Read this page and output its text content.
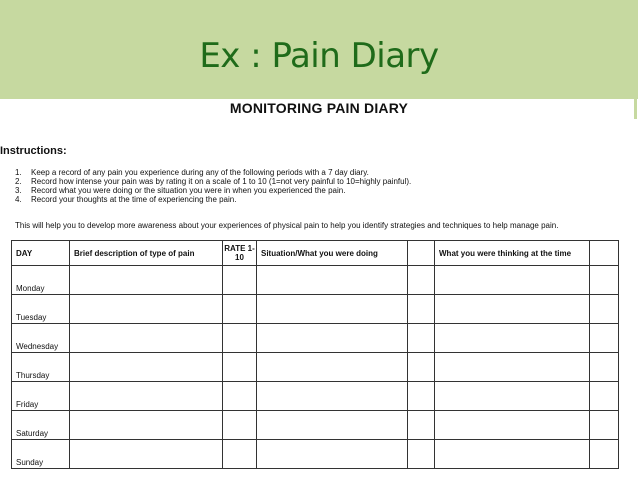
Ex : Pain Diary
MONITORING PAIN DIARY
Instructions:
1. Keep a record of any pain you experience during any of the following periods with a 7 day diary.
2. Record how intense your pain was by rating it on a scale of 1 to 10 (1=not very painful to 10=highly painful).
3. Record what you were doing or the situation you were in when you experienced the pain.
4. Record your thoughts at the time of experiencing the pain.
This will help you to develop more awareness about your experiences of physical pain to help you identify strategies and techniques to help manage pain.
DAY	Brief description of type of pain	RATE 1-10	Situation/What you were doing		What you were thinking at the time	
Monday						
Tuesday						
Wednesday						
Thursday						
Friday						
Saturday						
Sunday						
